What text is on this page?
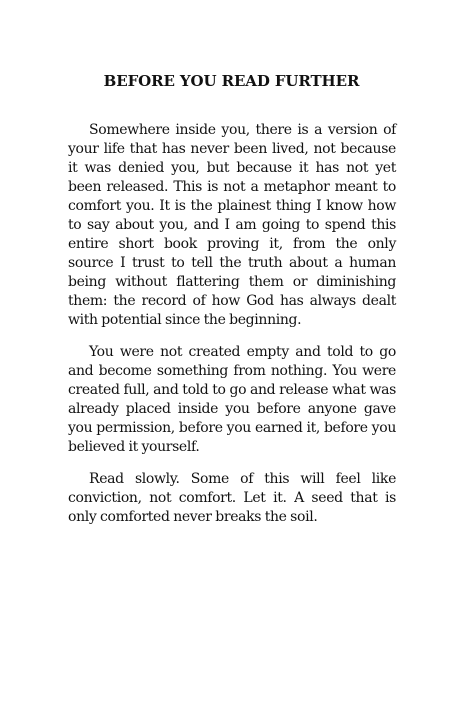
BEFORE YOU READ FURTHER

Somewhere inside you, there is a version of your life that has never been lived, not because it was denied you, but because it has not yet been released. This is not a metaphor meant to comfort you. It is the plainest thing I know how to say about you, and I am going to spend this entire short book proving it, from the only source I trust to tell the truth about a human being without flattering them or diminishing them: the record of how God has always dealt with potential since the beginning.

You were not created empty and told to go and become something from nothing. You were created full, and told to go and release what was already placed inside you before anyone gave you permission, before you earned it, before you believed it yourself.

Read slowly. Some of this will feel like conviction, not comfort. Let it. A seed that is only comforted never breaks the soil.
